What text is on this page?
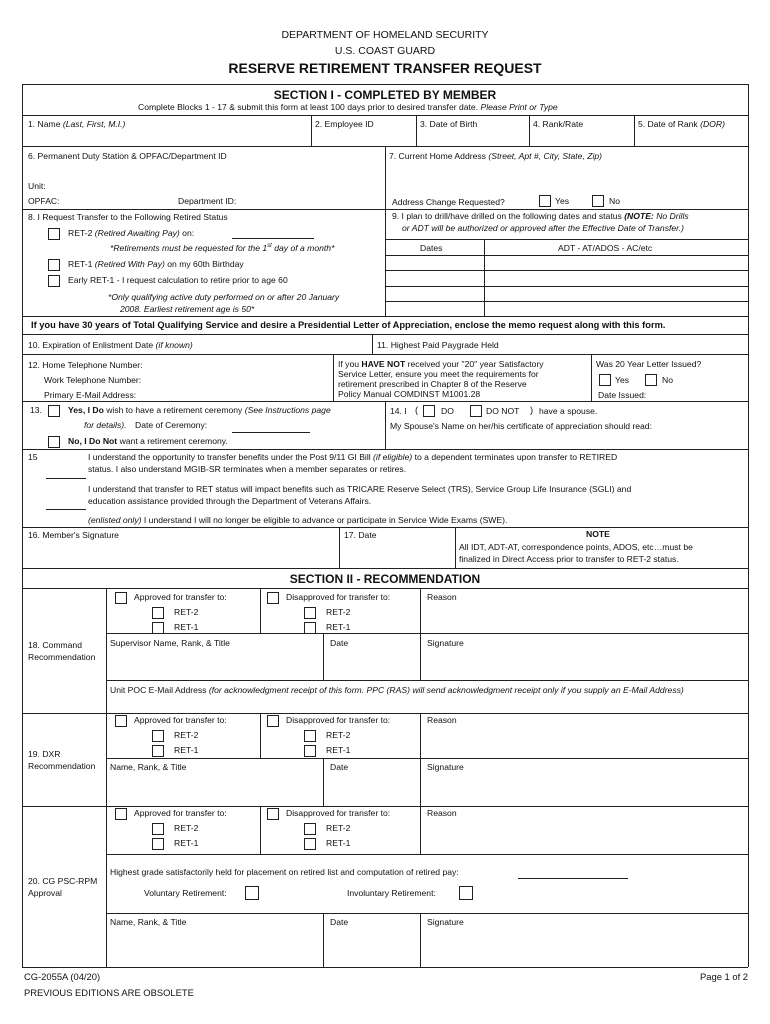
DEPARTMENT OF HOMELAND SECURITY
U.S. COAST GUARD
RESERVE RETIREMENT TRANSFER REQUEST
SECTION I - COMPLETED BY MEMBER
Complete Blocks 1 - 17 & submit this form at least 100 days prior to desired transfer date. Please Print or Type
1. Name (Last, First, M.I.)	2. Employee ID	3. Date of Birth	4. Rank/Rate	5. Date of Rank (DOR)
6. Permanent Duty Station & OPFAC/Department ID
Unit:
OPFAC:	Department ID:
7. Current Home Address (Street, Apt #, City, State, Zip)
Address Change Requested?	Yes	No
8. I Request Transfer to the Following Retired Status
RET-2 (Retired Awaiting Pay) on:
*Retirements must be requested for the 1st day of a month*
RET-1 (Retired With Pay) on my 60th Birthday
Early RET-1 - I request calculation to retire prior to age 60
*Only qualifying active duty performed on or after 20 January
2008. Earliest retirement age is 50*
9. I plan to drill/have drilled on the following dates and status (NOTE: No Drills
or ADT will be authorized or approved after the Effective Date of Transfer.)
Dates	ADT - AT/ADOS - AC/etc
If you have 30 years of Total Qualifying Service and desire a Presidential Letter of Appreciation, enclose the memo request along with this form.
10. Expiration of Enlistment Date (if known)	11. Highest Paid Paygrade Held
12. Home Telephone Number:
Work Telephone Number:
Primary E-Mail Address:
If you HAVE NOT received your "20" year Satisfactory
Service Letter, ensure you meet the requirements for
retirement prescribed in Chapter 8 of the Reserve
Policy Manual COMDINST M1001.28
Was 20 Year Letter Issued?
Yes	No
Date Issued:
13.	Yes, I Do wish to have a retirement ceremony (See Instructions page
for details). Date of Ceremony:
No, I Do Not want a retirement ceremony.
14. I (	DO	DO NOT ) have a spouse.
My Spouse's Name on her/his certificate of appreciation should read:
15	I understand the opportunity to transfer benefits under the Post 9/11 GI Bill (if eligible) to a dependent terminates upon transfer to RETIRED
status. I also understand MGIB-SR terminates when a member separates or retires.
I understand that transfer to RET status will impact benefits such as TRICARE Reserve Select (TRS), Service Group Life Insurance (SGLI) and
education assistance provided through the Department of Veterans Affairs.
(enlisted only) I understand I will no longer be eligible to advance or participate in Service Wide Exams (SWE).
16. Member's Signature	17. Date	NOTE
All IDT, ADT-AT, correspondence points, ADOS, etc…must be
finalized in Direct Access prior to transfer to RET-2 status.
SECTION II - RECOMMENDATION
18. Command
Recommendation
Approved for transfer to:
RET-2
RET-1
Disapproved for transfer to:
RET-2
RET-1
Reason
Supervisor Name, Rank, & Title	Date	Signature
Unit POC E-Mail Address (for acknowledgment receipt of this form. PPC (RAS) will send acknowledgment receipt only if you supply an E-Mail Address)
19. DXR
Recommendation
Approved for transfer to:
RET-2
RET-1
Disapproved for transfer to:
RET-2
RET-1
Reason
Name, Rank, & Title	Date	Signature
20. CG PSC-RPM
Approval
Approved for transfer to:
RET-2
RET-1
Disapproved for transfer to:
RET-2
RET-1
Reason
Highest grade satisfactorily held for placement on retired list and computation of retired pay:
Voluntary Retirement:	Involuntary Retirement:
Name, Rank, & Title	Date	Signature
CG-2055A (04/20)
PREVIOUS EDITIONS ARE OBSOLETE
Page 1 of 2
